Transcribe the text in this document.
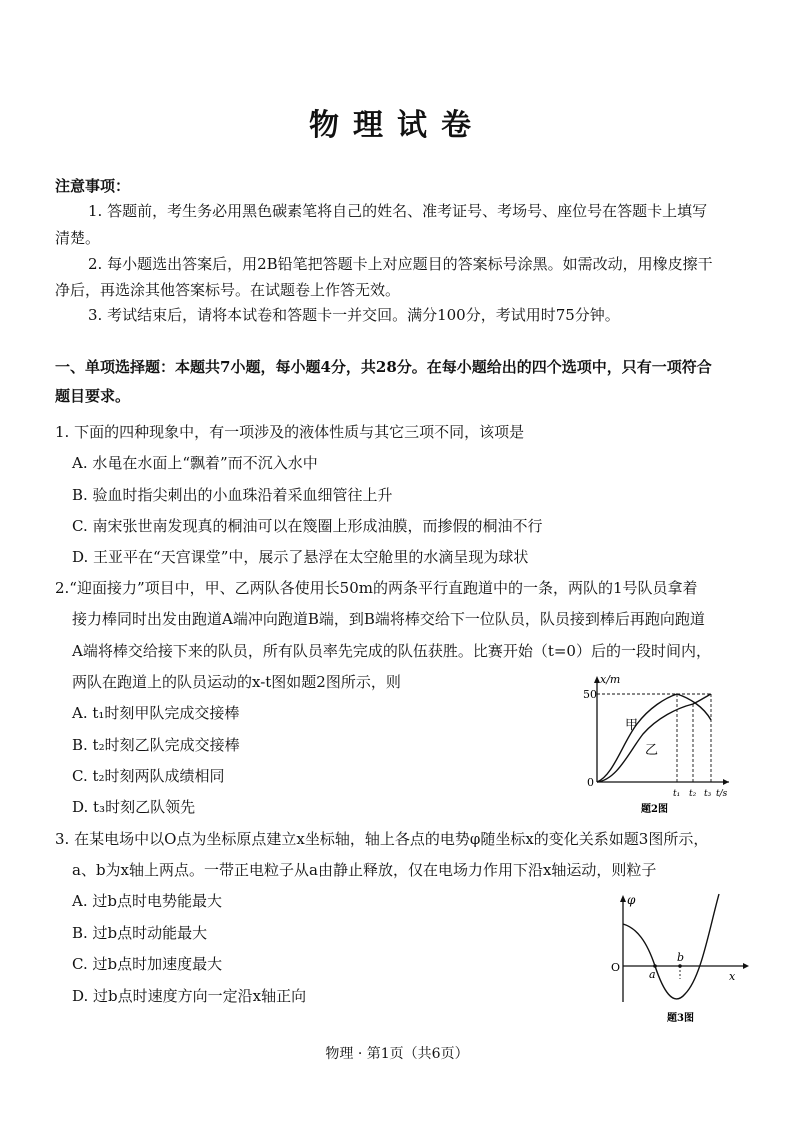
物理试卷
注意事项：
1. 答题前，考生务必用黑色碳素笔将自己的姓名、准考证号、考场号、座位号在答题卡上填写
清楚。
2. 每小题选出答案后，用2B铅笔把答题卡上对应题目的答案标号涂黑。如需改动，用橡皮擦干
净后，再选涂其他答案标号。在试题卷上作答无效。
3. 考试结束后，请将本试卷和答题卡一并交回。满分100分，考试用时75分钟。
一、单项选择题：本题共7小题，每小题4分，共28分。在每小题给出的四个选项中，只有一项符合
题目要求。
1. 下面的四种现象中，有一项涉及的液体性质与其它三项不同，该项是
A. 水黾在水面上“飘着”而不沉入水中
B. 验血时指尖刺出的小血珠沿着采血细管往上升
C. 南宋张世南发现真的桐油可以在篾圈上形成油膜，而掺假的桐油不行
D. 王亚平在“天宫课堂”中，展示了悬浮在太空舱里的水滴呈现为球状
2.“迎面接力”项目中，甲、乙两队各使用长50m的两条平行直跑道中的一条，两队的1号队员拿着
接力棒同时出发由跑道A端冲向跑道B端，到B端将棒交给下一位队员，队员接到棒后再跑向跑道
A端将棒交给接下来的队员，所有队员率先完成的队伍获胜。比赛开始（t=0）后的一段时间内，
两队在跑道上的队员运动的x-t图如题2图所示，则
A. t₁时刻甲队完成交接棒
B. t₂时刻乙队完成交接棒
C. t₂时刻两队成绩相同
D. t₃时刻乙队领先
x/m
50
0
甲
乙
t₁ t₂ t₃ t/s
题2图
3. 在某电场中以O点为坐标原点建立x坐标轴，轴上各点的电势φ随坐标x的变化关系如题3图所示，
a、b为x轴上两点。一带正电粒子从a由静止释放，仅在电场力作用下沿x轴运动，则粒子
A. 过b点时电势能最大
B. 过b点时动能最大
C. 过b点时加速度最大
D. 过b点时速度方向一定沿x轴正向
φ
O
a
b
x
题3图
物理 · 第1页（共6页）
